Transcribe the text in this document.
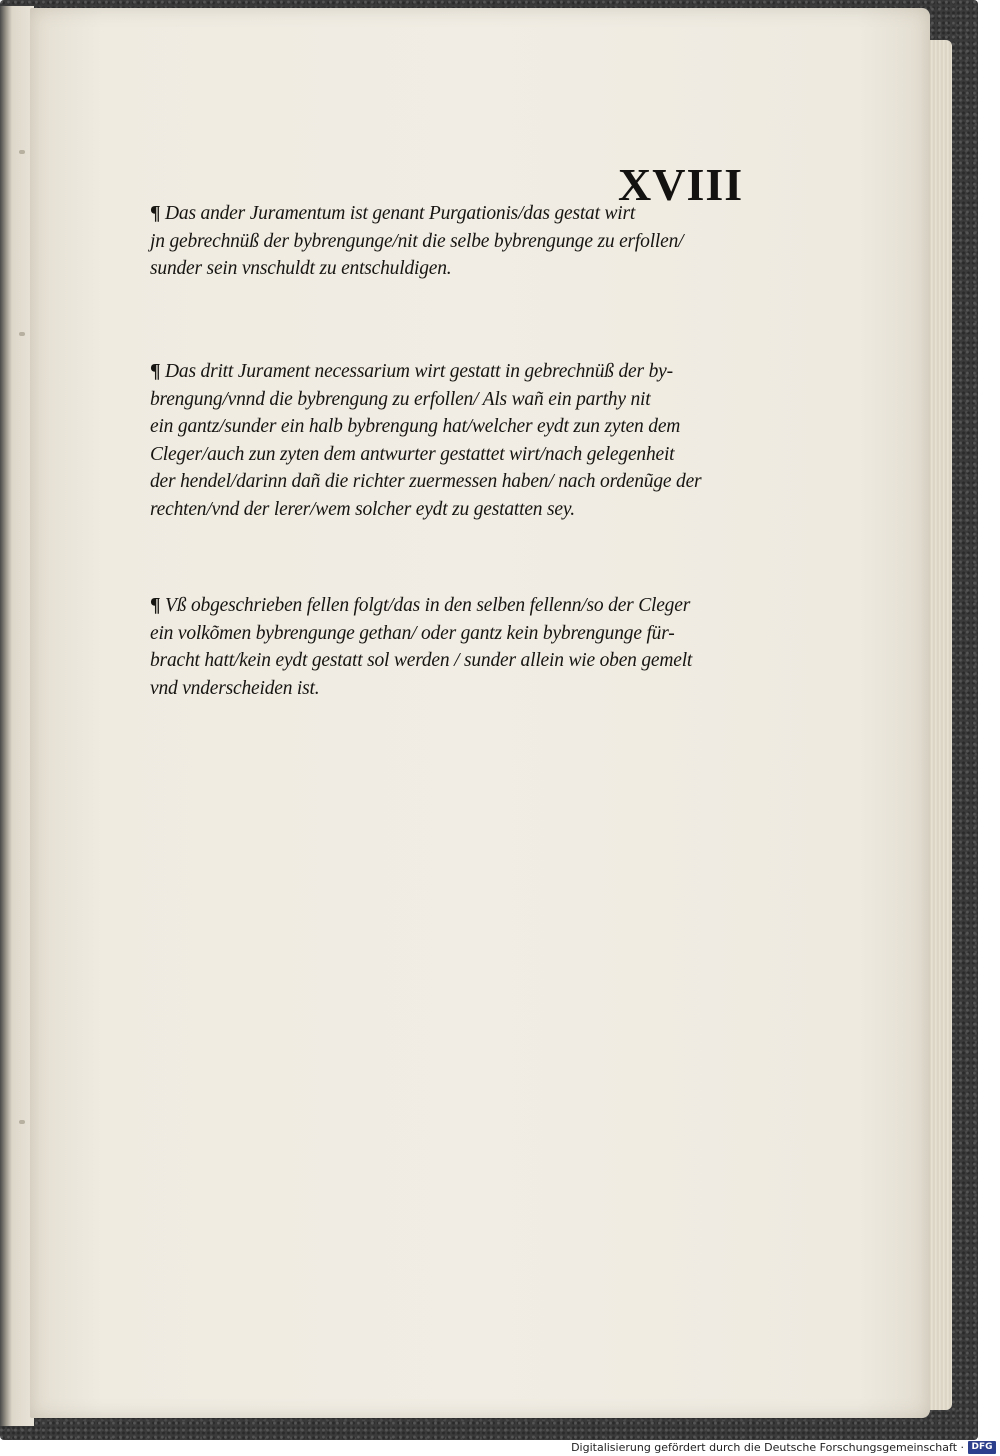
XVIII
¶ Das ander Juramentum ist genant Purgationis/das gestat wirt
jn gebrechnüß der bybrengunge/nit die selbe bybrengunge zu erfollen/
sunder sein vnschuldt zu entschuldigen.
¶ Das dritt Jurament necessarium wirt gestatt in gebrechnüß der by-
brengung/vnnd die bybrengung zu erfollen/ Als wañ ein parthy nit
ein gantz/sunder ein halb bybrengung hat/welcher eydt zun zyten dem
Cleger/auch zun zyten dem antwurter gestattet wirt/nach gelegenheit
der hendel/darinn dañ die richter zuermessen haben/ nach ordenũge der
rechten/vnd der lerer/wem solcher eydt zu gestatten sey.
¶ Vß obgeschrieben fellen folgt/das in den selben fellenn/so der Cleger
ein volkõmen bybrengunge gethan/ oder gantz kein bybrengunge für-
bracht hatt/kein eydt gestatt sol werden / sunder allein wie oben gemelt
vnd vnderscheiden ist.
Digitalisierung gefördert durch die Deutsche Forschungsgemeinschaft · DFG
